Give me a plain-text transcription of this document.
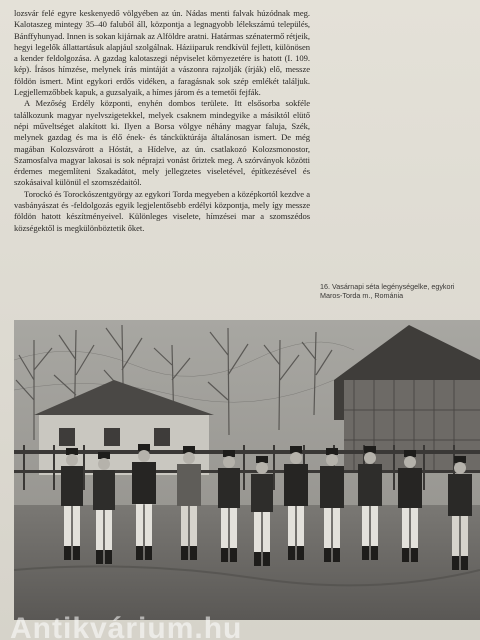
lozsvár felé egyre keskenyedő völgyében az ún. Nádas menti falvak húzódnak meg. Kalotaszeg mintegy 35–40 faluból áll, központja a legnagyobb lélekszámú település, Bánffyhunyad. Innen is sokan kijárnak az Alföldre aratni. Határmas szénatermő rétjeik, hegyi legelők állattartásuk alapjául szolgálnak. Háziiparuk rendkívül fejlett, különösen a kender feldolgozása. A gazdag kalotaszegi népviselet környezetére is hatott (I. 109. kép). Írásos hímzése, melynek írás mintáját a vászonra rajzolják (írják) elő, messze földön ismert. Mint egykori erdős vidéken, a faragásnak sok szép emlékét találjuk. Legjellemzőbbek kapuk, a guzsalyaik, a hímes járom és a temetői fejfák.

A Mezőség Erdély központi, enyhén dombos területe. Itt elsősorba sokféle találkozunk magyar nyelvszigetekkel, melyek csaknem mindegyike a másiktól elütő népi műveltséget alakított ki. Ilyen a Borsa völgye néhány magyar faluja, Szék, melynek gazdag és ma is élő ének- és táncküktúrája általánosan ismert. De még magában Kolozsvárott a Hóstát, a Hídelve, az ún. csatlakozó Kolozsmonostor, Szamosfalva magyar lakosai is sok néprajzi vonást őriztek meg. A szórványok közötti érdemes megemlíteni Szakadátot, mely jellegzetes viseletével, építkezésével és szokásaival különül el szomszédaitól.

Torockó és Torockószentgyörgy az egykori Torda megyeben a középkortól kezdve a vasbányászat és -feldolgozás egyik legjelentősebb erdélyi központja, mely így messze földön hatott készítményeivel. Különleges viselete, hímzései mar a szomszédos községektől is megkülönböztetik őket.

16. Vasárnapi séta legénységelke, egykori Maros-Torda m., Románia
Antikvárium.hu
